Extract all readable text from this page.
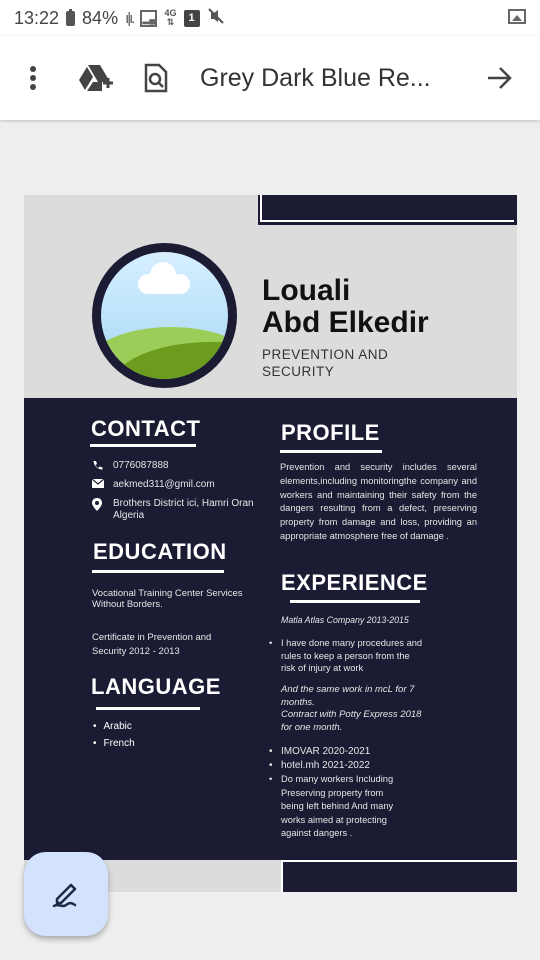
13:22 84% ı|ı. ▂▄
4G
⇅	1
Grey Dark Blue Re...
Louali
Abd Elkedir
PREVENTION AND
SECURITY
CONTACT
0776087888
aekmed311@gmil.com
Brothers District ici, Hamri Oran
Algeria
EDUCATION
Vocational Training Center Services
Without Borders.
Certificate in Prevention and
Security 2012 - 2013
LANGUAGE
• Arabic
• French
PROFILE
Prevention and security includes several elements,including monitoringthe company and workers and maintaining their safety from the dangers resulting from a defect, preserving property from damage and loss, providing an appropriate atmosphere free of damage .
EXPERIENCE
Matla Atlas Company 2013-2015
• I have done many procedures and
rules to keep a person from the
risk of injury at work
And the same work in mcL for 7
months.
Contract with Potty Express 2018
for one month.
• IMOVAR 2020-2021
• hotel.mh 2021-2022
• Do many workers Including
Preserving property from
being left behind And many
works aimed at protecting
against dangers .
